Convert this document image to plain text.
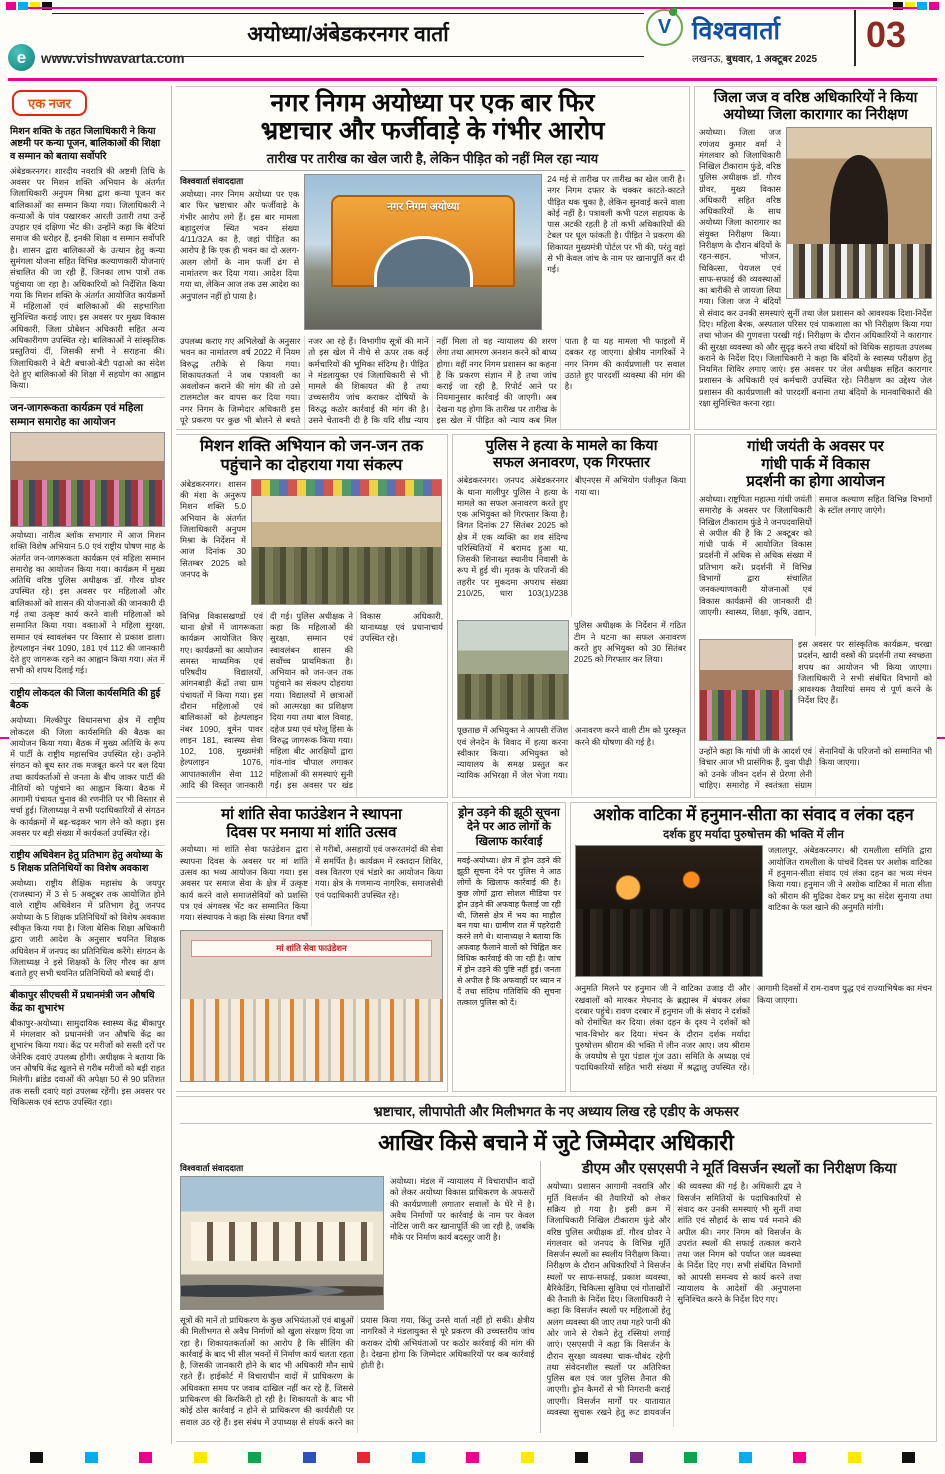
अयोध्या/अंबेडकरनगर वार्ता
e www.vishwavarta.com
V विश्ववार्ता
लखनऊ, बुधवार, 1 अक्टूबर 2025
03
एक नजर
मिशन शक्ति के तहत जिलाधिकारी ने किया अष्टमी पर कन्या पूजन, बालिकाओं की शिक्षा व सम्मान को बताया सर्वोपरि
अंबेडकरनगर। शारदीय नवरात्रि की अष्टमी तिथि के अवसर पर मिशन शक्ति अभियान के अंतर्गत जिलाधिकारी अनुपम मिश्रा द्वारा कन्या पूजन कर बालिकाओं का सम्मान किया गया। जिलाधिकारी ने कन्याओं के पांव पखारकर आरती उतारी तथा उन्हें उपहार एवं दक्षिणा भेंट की। उन्होंने कहा कि बेटियां समाज की धरोहर हैं, इनकी शिक्षा व सम्मान सर्वोपरि है। शासन द्वारा बालिकाओं के उत्थान हेतु कन्या सुमंगला योजना सहित विभिन्न कल्याणकारी योजनाएं संचालित की जा रही हैं, जिनका लाभ पात्रों तक पहुंचाया जा रहा है। अधिकारियों को निर्देशित किया गया कि मिशन शक्ति के अंतर्गत आयोजित कार्यक्रमों में महिलाओं एवं बालिकाओं की सहभागिता सुनिश्चित कराई जाए। इस अवसर पर मुख्य विकास अधिकारी, जिला प्रोबेशन अधिकारी सहित अन्य अधिकारीगण उपस्थित रहे। बालिकाओं ने सांस्कृतिक प्रस्तुतियां दीं, जिसकी सभी ने सराहना की। जिलाधिकारी ने बेटी बचाओ-बेटी पढ़ाओ का संदेश देते हुए बालिकाओं की शिक्षा में सहयोग का आह्वान किया।
जन-जागरूकता कार्यक्रम एवं महिला सम्मान समारोह का आयोजन
अयोध्या। नारीत्व ब्लॉक सभागार में आज मिशन शक्ति विशेष अभियान 5.0 एवं राष्ट्रीय पोषण माह के अंतर्गत जन-जागरूकता कार्यक्रम एवं महिला सम्मान समारोह का आयोजन किया गया। कार्यक्रम में मुख्य अतिथि वरिष्ठ पुलिस अधीक्षक डॉ. गौरव ग्रोवर उपस्थित रहे। इस अवसर पर महिलाओं और बालिकाओं को शासन की योजनाओं की जानकारी दी गई तथा उत्कृष्ट कार्य करने वाली महिलाओं को सम्मानित किया गया। वक्ताओं ने महिला सुरक्षा, सम्मान एवं स्वावलंबन पर विस्तार से प्रकाश डाला। हेल्पलाइन नंबर 1090, 181 एवं 112 की जानकारी देते हुए जागरूक रहने का आह्वान किया गया। अंत में सभी को शपथ दिलाई गई।
राष्ट्रीय लोकदल की जिला कार्यसमिति की हुई बैठक
अयोध्या। मिल्कीपुर विधानसभा क्षेत्र में राष्ट्रीय लोकदल की जिला कार्यसमिति की बैठक का आयोजन किया गया। बैठक में मुख्य अतिथि के रूप में पार्टी के राष्ट्रीय महासचिव उपस्थित रहे। उन्होंने संगठन को बूथ स्तर तक मजबूत करने पर बल दिया तथा कार्यकर्ताओं से जनता के बीच जाकर पार्टी की नीतियों को पहुंचाने का आह्वान किया। बैठक में आगामी पंचायत चुनाव की रणनीति पर भी विस्तार से चर्चा हुई। जिलाध्यक्ष ने सभी पदाधिकारियों से संगठन के कार्यक्रमों में बढ़-चढ़कर भाग लेने को कहा। इस अवसर पर बड़ी संख्या में कार्यकर्ता उपस्थित रहे।
राष्ट्रीय अधिवेशन हेतु प्रतिभाग हेतु अयोध्या के 5 शिक्षक प्रतिनिधियों का विशेष अवकाश
अयोध्या। राष्ट्रीय शैक्षिक महासंघ के जयपुर (राजस्थान) में 3 से 5 अक्टूबर तक आयोजित होने वाले राष्ट्रीय अधिवेशन में प्रतिभाग हेतु जनपद अयोध्या के 5 शिक्षक प्रतिनिधियों को विशेष अवकाश स्वीकृत किया गया है। जिला बेसिक शिक्षा अधिकारी द्वारा जारी आदेश के अनुसार चयनित शिक्षक अधिवेशन में जनपद का प्रतिनिधित्व करेंगे। संगठन के जिलाध्यक्ष ने इसे शिक्षकों के लिए गौरव का क्षण बताते हुए सभी चयनित प्रतिनिधियों को बधाई दी।
बीकापुर सीएचसी में प्रधानमंत्री जन औषधि केंद्र का शुभारंभ
बीकापुर-अयोध्या। सामुदायिक स्वास्थ्य केंद्र बीकापुर में मंगलवार को प्रधानमंत्री जन औषधि केंद्र का शुभारंभ किया गया। केंद्र पर मरीजों को सस्ती दरों पर जेनेरिक दवाएं उपलब्ध होंगी। अधीक्षक ने बताया कि जन औषधि केंद्र खुलने से गरीब मरीजों को बड़ी राहत मिलेगी। ब्रांडेड दवाओं की अपेक्षा 50 से 90 प्रतिशत तक सस्ती दवाएं यहां उपलब्ध रहेंगी। इस अवसर पर चिकित्सक एवं स्टाफ उपस्थित रहा।
नगर निगम अयोध्या पर एक बार फिर
भ्रष्टाचार और फर्जीवाड़े के गंभीर आरोप
तारीख पर तारीख का खेल जारी है, लेकिन पीड़ित को नहीं मिल रहा न्याय
विश्ववार्ता संवाददाता
अयोध्या। नगर निगम अयोध्या पर एक बार फिर भ्रष्टाचार और फर्जीवाड़े के गंभीर आरोप लगे हैं। इस बार मामला बहादुरगंज स्थित भवन संख्या 4/11/32A का है, जहां पीड़ित का आरोप है कि एक ही भवन का दो अलग-अलग लोगों के नाम फर्जी ढंग से नामांतरण कर दिया गया। आदेश दिया गया था, लेकिन आज तक उस आदेश का अनुपालन नहीं हो पाया है।
नगर निगम अयोध्या
24 मई से तारीख पर तारीख का खेल जारी है। नगर निगम दफ्तर के चक्कर काटते-काटते पीड़ित थक चुका है, लेकिन सुनवाई करने वाला कोई नहीं है। पत्रावली कभी पटल सहायक के पास अटकी रहती है तो कभी अधिकारियों की टेबल पर धूल फांकती है। पीड़ित ने प्रकरण की शिकायत मुख्यमंत्री पोर्टल पर भी की, परंतु वहां से भी केवल जांच के नाम पर खानापूर्ति कर दी गई।
उपलब्ध कराए गए अभिलेखों के अनुसार भवन का नामांतरण वर्ष 2022 में नियम विरुद्ध तरीके से किया गया। शिकायतकर्ता ने जब पत्रावली का अवलोकन कराने की मांग की तो उसे टालमटोल कर वापस कर दिया गया। नगर निगम के जिम्मेदार अधिकारी इस पूरे प्रकरण पर कुछ भी बोलने से बचते नजर आ रहे हैं। विभागीय सूत्रों की मानें तो इस खेल में नीचे से ऊपर तक कई कर्मचारियों की भूमिका संदिग्ध है। पीड़ित ने मंडलायुक्त एवं जिलाधिकारी से भी मामले की शिकायत की है तथा उच्चस्तरीय जांच कराकर दोषियों के विरुद्ध कठोर कार्रवाई की मांग की है। उसने चेतावनी दी है कि यदि शीघ्र न्याय नहीं मिला तो वह न्यायालय की शरण लेगा तथा आमरण अनशन करने को बाध्य होगा। वहीं नगर निगम प्रशासन का कहना है कि प्रकरण संज्ञान में है तथा जांच कराई जा रही है, रिपोर्ट आने पर नियमानुसार कार्रवाई की जाएगी। अब देखना यह होगा कि तारीख पर तारीख के इस खेल में पीड़ित को न्याय कब मिल पाता है या यह मामला भी फाइलों में दबकर रह जाएगा। क्षेत्रीय नागरिकों ने नगर निगम की कार्यप्रणाली पर सवाल उठाते हुए पारदर्शी व्यवस्था की मांग की है।
जिला जज व वरिष्ठ अधिकारियों ने किया
अयोध्या जिला कारागार का निरीक्षण
अयोध्या। जिला जज रणंजय कुमार वर्मा ने मंगलवार को जिलाधिकारी निखिल टीकाराम फुंडे, वरिष्ठ पुलिस अधीक्षक डॉ. गौरव ग्रोवर, मुख्य विकास अधिकारी सहित वरिष्ठ अधिकारियों के साथ अयोध्या जिला कारागार का संयुक्त निरीक्षण किया। निरीक्षण के दौरान बंदियों के रहन-सहन, भोजन, चिकित्सा, पेयजल एवं साफ-सफाई की व्यवस्थाओं का बारीकी से जायजा लिया गया। जिला जज ने बंदियों से संवाद कर उनकी समस्याएं सुनीं तथा जेल प्रशासन को आवश्यक दिशा-निर्देश दिए। महिला बैरक, अस्पताल परिसर एवं पाकशाला का भी निरीक्षण किया गया तथा भोजन की गुणवत्ता परखी गई। निरीक्षण के दौरान अधिकारियों ने कारागार की सुरक्षा व्यवस्था को और सुदृढ़ करने तथा बंदियों को विधिक सहायता उपलब्ध कराने के निर्देश दिए। जिलाधिकारी ने कहा कि बंदियों के स्वास्थ्य परीक्षण हेतु नियमित शिविर लगाए जाएं। इस अवसर पर जेल अधीक्षक सहित कारागार प्रशासन के अधिकारी एवं कर्मचारी उपस्थित रहे। निरीक्षण का उद्देश्य जेल प्रशासन की कार्यप्रणाली को पारदर्शी बनाना तथा बंदियों के मानवाधिकारों की रक्षा सुनिश्चित करना रहा।
मिशन शक्ति अभियान को जन-जन तक
पहुंचाने का दोहराया गया संकल्प
अंबेडकरनगर। शासन की मंशा के अनुरूप मिशन शक्ति 5.0 अभियान के अंतर्गत जिलाधिकारी अनुपम मिश्रा के निर्देशन में आज दिनांक 30 सितम्बर 2025 को जनपद के
विभिन्न विकासखण्डों एवं थाना क्षेत्रों में जागरूकता कार्यक्रम आयोजित किए गए। कार्यक्रमों का आयोजन समस्त माध्यमिक एवं परिषदीय विद्यालयों, आंगनबाड़ी केंद्रों तथा ग्राम पंचायतों में किया गया। इस दौरान महिलाओं एवं बालिकाओं को हेल्पलाइन नंबर 1090, वूमेन पावर लाइन 181, स्वास्थ्य सेवा 102, 108, मुख्यमंत्री हेल्पलाइन 1076, आपातकालीन सेवा 112 आदि की विस्तृत जानकारी दी गई। पुलिस अधीक्षक ने कहा कि महिलाओं की सुरक्षा, सम्मान एवं स्वावलंबन शासन की सर्वोच्च प्राथमिकता है। अभियान को जन-जन तक पहुंचाने का संकल्प दोहराया गया। विद्यालयों में छात्राओं को आत्मरक्षा का प्रशिक्षण दिया गया तथा बाल विवाह, दहेज प्रथा एवं घरेलू हिंसा के विरुद्ध जागरूक किया गया। महिला बीट आरक्षियों द्वारा गांव-गांव चौपाल लगाकर महिलाओं की समस्याएं सुनी गईं। इस अवसर पर खंड विकास अधिकारी, थानाध्यक्ष एवं प्रधानाचार्य उपस्थित रहे।
पुलिस ने हत्या के मामले का किया
सफल अनावरण, एक गिरफ्तार
अंबेडकरनगर। जनपद अंबेडकरनगर के थाना मालीपुर पुलिस ने हत्या के मामले का सफल अनावरण करते हुए एक अभियुक्त को गिरफ्तार किया है। विगत दिनांक 27 सितंबर 2025 को क्षेत्र में एक व्यक्ति का शव संदिग्ध परिस्थितियों में बरामद हुआ था, जिसकी शिनाख्त स्थानीय निवासी के रूप में हुई थी। मृतक के परिजनों की तहरीर पर मुकदमा अपराध संख्या 210/25, धारा 103(1)/238 बीएनएस में अभियोग पंजीकृत किया गया था।
पुलिस अधीक्षक के निर्देशन में गठित टीम ने घटना का सफल अनावरण करते हुए अभियुक्त को 30 सितंबर 2025 को गिरफ्तार कर लिया।
पूछताछ में अभियुक्त ने आपसी रंजिश एवं लेनदेन के विवाद में हत्या करना स्वीकार किया। अभियुक्त को न्यायालय के समक्ष प्रस्तुत कर न्यायिक अभिरक्षा में जेल भेजा गया। अनावरण करने वाली टीम को पुरस्कृत करने की घोषणा की गई है।
गांधी जयंती के अवसर पर
गांधी पार्क में विकास
प्रदर्शनी का होगा आयोजन
अयोध्या। राष्ट्रपिता महात्मा गांधी जयंती समारोह के अवसर पर जिलाधिकारी निखिल टीकाराम फुंडे ने जनपदवासियों से अपील की है कि 2 अक्टूबर को गांधी पार्क में आयोजित विकास प्रदर्शनी में अधिक से अधिक संख्या में प्रतिभाग करें। प्रदर्शनी में विभिन्न विभागों द्वारा संचालित जनकल्याणकारी योजनाओं एवं विकास कार्यक्रमों की जानकारी दी जाएगी। स्वास्थ्य, शिक्षा, कृषि, उद्यान, समाज कल्याण सहित विभिन्न विभागों के स्टॉल लगाए जाएंगे।
इस अवसर पर सांस्कृतिक कार्यक्रम, चरखा प्रदर्शन, खादी वस्त्रों की प्रदर्शनी तथा स्वच्छता शपथ का आयोजन भी किया जाएगा। जिलाधिकारी ने सभी संबंधित विभागों को आवश्यक तैयारियां समय से पूर्ण करने के निर्देश दिए हैं।
उन्होंने कहा कि गांधी जी के आदर्श एवं विचार आज भी प्रासंगिक हैं, युवा पीढ़ी को उनके जीवन दर्शन से प्रेरणा लेनी चाहिए। समारोह में स्वतंत्रता संग्राम सेनानियों के परिजनों को सम्मानित भी किया जाएगा।
मां शांति सेवा फाउंडेशन ने स्थापना
दिवस पर मनाया मां शांति उत्सव
अयोध्या। मां शांति सेवा फाउंडेशन द्वारा स्थापना दिवस के अवसर पर मां शांति उत्सव का भव्य आयोजन किया गया। इस अवसर पर समाज सेवा के क्षेत्र में उत्कृष्ट कार्य करने वाले समाजसेवियों को प्रशस्ति पत्र एवं अंगवस्त्र भेंट कर सम्मानित किया गया। संस्थापक ने कहा कि संस्था विगत वर्षों से गरीबों, असहायों एवं जरूरतमंदों की सेवा में समर्पित है। कार्यक्रम में रक्तदान शिविर, वस्त्र वितरण एवं भंडारे का आयोजन किया गया। क्षेत्र के गणमान्य नागरिक, समाजसेवी एवं पदाधिकारी उपस्थित रहे।
मां शांति सेवा फाउंडेशन
ड्रोन उड़ने की झूठी सूचना देने पर आठ लोगों के खिलाफ कार्रवाई
मवई-अयोध्या। क्षेत्र में ड्रोन उड़ने की झूठी सूचना देने पर पुलिस ने आठ लोगों के खिलाफ कार्रवाई की है। कुछ लोगों द्वारा सोशल मीडिया पर ड्रोन उड़ने की अफवाह फैलाई जा रही थी, जिससे क्षेत्र में भय का माहौल बन गया था। ग्रामीण रात में पहरेदारी करने लगे थे। थानाध्यक्ष ने बताया कि अफवाह फैलाने वालों को चिह्नित कर विधिक कार्रवाई की जा रही है। जांच में ड्रोन उड़ने की पुष्टि नहीं हुई। जनता से अपील है कि अफवाहों पर ध्यान न दें तथा संदिग्ध गतिविधि की सूचना तत्काल पुलिस को दें।
अशोक वाटिका में हनुमान-सीता का संवाद व लंका दहन
दर्शक हुए मर्यादा पुरुषोत्तम की भक्ति में लीन
जलालपुर, अंबेडकरनगर। श्री रामलीला समिति द्वारा आयोजित रामलीला के पांचवें दिवस पर अशोक वाटिका में हनुमान-सीता संवाद एवं लंका दहन का भव्य मंचन किया गया। हनुमान जी ने अशोक वाटिका में माता सीता को श्रीराम की मुद्रिका देकर प्रभु का संदेश सुनाया तथा वाटिका के फल खाने की अनुमति मांगी।
अनुमति मिलने पर हनुमान जी ने वाटिका उजाड़ दी और रखवालों को मारकर मेघनाद के ब्रह्मास्त्र में बंधकर लंका दरबार पहुंचे। रावण दरबार में हनुमान जी के संवाद ने दर्शकों को रोमांचित कर दिया। लंका दहन के दृश्य ने दर्शकों को भाव-विभोर कर दिया। मंचन के दौरान दर्शक मर्यादा पुरुषोत्तम श्रीराम की भक्ति में लीन नजर आए। जय श्रीराम के जयघोष से पूरा पंडाल गूंज उठा। समिति के अध्यक्ष एवं पदाधिकारियों सहित भारी संख्या में श्रद्धालु उपस्थित रहे। आगामी दिवसों में राम-रावण युद्ध एवं राज्याभिषेक का मंचन किया जाएगा।
भ्रष्टाचार, लीपापोती और मिलीभगत के नए अध्याय लिख रहे एडीए के अफसर
आखिर किसे बचाने में जुटे जिम्मेदार अधिकारी
विश्ववार्ता संवाददाता
अयोध्या। मंडल में न्यायालय में विचाराधीन वादों को लेकर अयोध्या विकास प्राधिकरण के अफसरों की कार्यप्रणाली लगातार सवालों के घेरे में है। अवैध निर्माणों पर कार्रवाई के नाम पर केवल नोटिस जारी कर खानापूर्ति की जा रही है, जबकि मौके पर निर्माण कार्य बदस्तूर जारी है।
सूत्रों की मानें तो प्राधिकरण के कुछ अभियंताओं एवं बाबुओं की मिलीभगत से अवैध निर्माणों को खुला संरक्षण दिया जा रहा है। शिकायतकर्ताओं का आरोप है कि सीलिंग की कार्रवाई के बाद भी सील भवनों में निर्माण कार्य चलता रहता है, जिसकी जानकारी होने के बाद भी अधिकारी मौन साधे रहते हैं। हाईकोर्ट में विचाराधीन वादों में प्राधिकरण के अधिवक्ता समय पर जवाब दाखिल नहीं कर रहे हैं, जिससे प्राधिकरण की किरकिरी हो रही है। शिकायतों के बाद भी कोई ठोस कार्रवाई न होने से प्राधिकरण की कार्यशैली पर सवाल उठ रहे हैं। इस संबंध में उपाध्यक्ष से संपर्क करने का प्रयास किया गया, किंतु उनसे वार्ता नहीं हो सकी। क्षेत्रीय नागरिकों ने मंडलायुक्त से पूरे प्रकरण की उच्चस्तरीय जांच कराकर दोषी अभियंताओं पर कठोर कार्रवाई की मांग की है। देखना होगा कि जिम्मेदार अधिकारियों पर कब कार्रवाई होती है।
डीएम और एसएसपी ने मूर्ति विसर्जन स्थलों का निरीक्षण किया
अयोध्या। प्रशासन आगामी नवरात्रि और मूर्ति विसर्जन की तैयारियों को लेकर सक्रिय हो गया है। इसी क्रम में जिलाधिकारी निखिल टीकाराम फुंडे और वरिष्ठ पुलिस अधीक्षक डॉ. गौरव ग्रोवर ने मंगलवार को जनपद के विभिन्न मूर्ति विसर्जन स्थलों का स्थलीय निरीक्षण किया। निरीक्षण के दौरान अधिकारियों ने विसर्जन स्थलों पर साफ-सफाई, प्रकाश व्यवस्था, बैरिकेडिंग, चिकित्सा सुविधा एवं गोताखोरों की तैनाती के निर्देश दिए। जिलाधिकारी ने कहा कि विसर्जन स्थलों पर महिलाओं हेतु अलग व्यवस्था की जाए तथा गहरे पानी की ओर जाने से रोकने हेतु रस्सियां लगाई जाएं। एसएसपी ने कहा कि विसर्जन के दौरान सुरक्षा व्यवस्था चाक-चौबंद रहेगी तथा संवेदनशील स्थलों पर अतिरिक्त पुलिस बल एवं जल पुलिस तैनात की जाएगी। ड्रोन कैमरों से भी निगरानी कराई जाएगी। विसर्जन मार्गों पर यातायात व्यवस्था सुचारू रखने हेतु रूट डायवर्जन की व्यवस्था की गई है। अधिकारी द्वय ने विसर्जन समितियों के पदाधिकारियों से संवाद कर उनकी समस्याएं भी सुनीं तथा शांति एवं सौहार्द के साथ पर्व मनाने की अपील की। नगर निगम को विसर्जन के उपरांत स्थलों की सफाई तत्काल कराने तथा जल निगम को पर्याप्त जल व्यवस्था के निर्देश दिए गए। सभी संबंधित विभागों को आपसी समन्वय से कार्य करने तथा न्यायालय के आदेशों की अनुपालना सुनिश्चित करने के निर्देश दिए गए।
